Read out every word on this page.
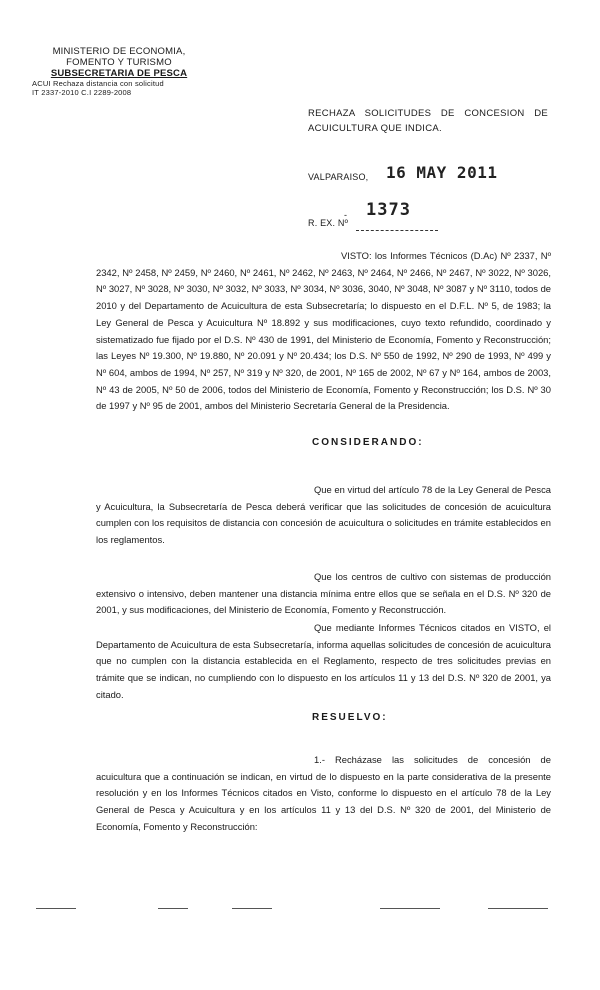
MINISTERIO DE ECONOMIA,
FOMENTO Y TURISMO
SUBSECRETARIA DE PESCA
ACUI Rechaza distancia con solicitud
IT 2337-2010 C.I 2289-2008
RECHAZA SOLICITUDES DE CONCESION DE ACUICULTURA QUE INDICA.
VALPARAISO, 16 MAY 2011
- 1373
R. EX. Nº

VISTO: los Informes Técnicos (D.Ac) Nº 2337, Nº 2342, Nº 2458, Nº 2459, Nº 2460, Nº 2461, Nº 2462, Nº 2463, Nº 2464, Nº 2466, Nº 2467, Nº 3022, Nº 3026, Nº 3027, Nº 3028, Nº 3030, Nº 3032, Nº 3033, Nº 3034, Nº 3036, 3040, Nº 3048, Nº 3087 y Nº 3110, todos de 2010 y del Departamento de Acuicultura de esta Subsecretaría; lo dispuesto en el D.F.L. Nº 5, de 1983; la Ley General de Pesca y Acuicultura Nº 18.892 y sus modificaciones, cuyo texto refundido, coordinado y sistematizado fue fijado por el D.S. Nº 430 de 1991, del Ministerio de Economía, Fomento y Reconstrucción; las Leyes Nº 19.300, Nº 19.880, Nº 20.091 y Nº 20.434; los D.S. Nº 550 de 1992, Nº 290 de 1993, Nº 499 y Nº 604, ambos de 1994, Nº 257, Nº 319 y Nº 320, de 2001, Nº 165 de 2002, Nº 67 y Nº 164, ambos de 2003, Nº 43 de 2005, Nº 50 de 2006, todos del Ministerio de Economía, Fomento y Reconstrucción; los D.S. Nº 30 de 1997 y Nº 95 de 2001, ambos del Ministerio Secretaría General de la Presidencia.

CONSIDERANDO:

Que en virtud del artículo 78 de la Ley General de Pesca y Acuicultura, la Subsecretaría de Pesca deberá verificar que las solicitudes de concesión de acuicultura cumplen con los requisitos de distancia con concesión de acuicultura o solicitudes en trámite establecidos en los reglamentos.

Que los centros de cultivo con sistemas de producción extensivo o intensivo, deben mantener una distancia mínima entre ellos que se señala en el D.S. Nº 320 de 2001, y sus modificaciones, del Ministerio de Economía, Fomento y Reconstrucción.

Que mediante Informes Técnicos citados en VISTO, el Departamento de Acuicultura de esta Subsecretaría, informa aquellas solicitudes de concesión de acuicultura que no cumplen con la distancia establecida en el Reglamento, respecto de tres solicitudes previas en trámite que se indican, no cumpliendo con lo dispuesto en los artículos 11 y 13 del D.S. Nº 320 de 2001, ya citado.

RESUELVO:

1.- Recházase las solicitudes de concesión de acuicultura que a continuación se indican, en virtud de lo dispuesto en la parte considerativa de la presente resolución y en los Informes Técnicos citados en Visto, conforme lo dispuesto en el artículo 78 de la Ley General de Pesca y Acuicultura y en los artículos 11 y 13 del D.S. Nº 320 de 2001, del Ministerio de Economía, Fomento y Reconstrucción:
